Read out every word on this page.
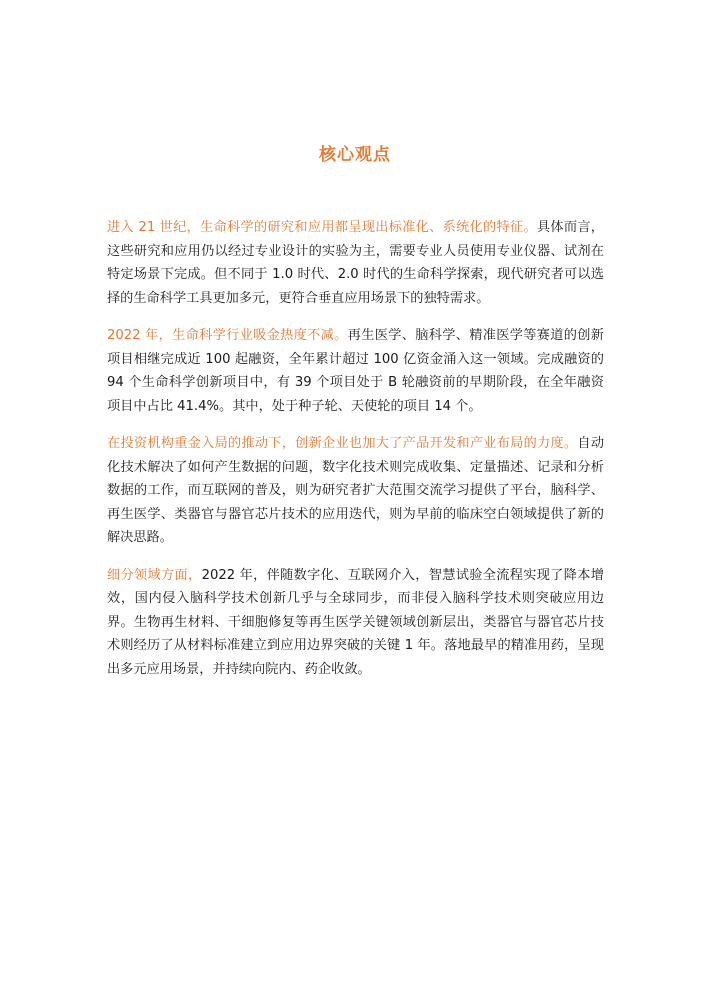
核心观点

进入 21 世纪，生命科学的研究和应用都呈现出标准化、系统化的特征。具体而言，这些研究和应用仍以经过专业设计的实验为主，需要专业人员使用专业仪器、试剂在特定场景下完成。但不同于 1.0 时代、2.0 时代的生命科学探索，现代研究者可以选择的生命科学工具更加多元，更符合垂直应用场景下的独特需求。

2022 年，生命科学行业吸金热度不减。再生医学、脑科学、精准医学等赛道的创新项目相继完成近 100 起融资，全年累计超过 100 亿资金涌入这一领域。完成融资的 94 个生命科学创新项目中，有 39 个项目处于 B 轮融资前的早期阶段，在全年融资项目中占比 41.4%。其中，处于种子轮、天使轮的项目 14 个。

在投资机构重金入局的推动下，创新企业也加大了产品开发和产业布局的力度。自动化技术解决了如何产生数据的问题，数字化技术则完成收集、定量描述、记录和分析数据的工作，而互联网的普及，则为研究者扩大范围交流学习提供了平台，脑科学、再生医学、类器官与器官芯片技术的应用迭代，则为早前的临床空白领域提供了新的解决思路。

细分领域方面，2022 年，伴随数字化、互联网介入，智慧试验全流程实现了降本增效，国内侵入脑科学技术创新几乎与全球同步，而非侵入脑科学技术则突破应用边界。生物再生材料、干细胞修复等再生医学关键领域创新层出，类器官与器官芯片技术则经历了从材料标准建立到应用边界突破的关键 1 年。落地最早的精准用药，呈现出多元应用场景，并持续向院内、药企收敛。
